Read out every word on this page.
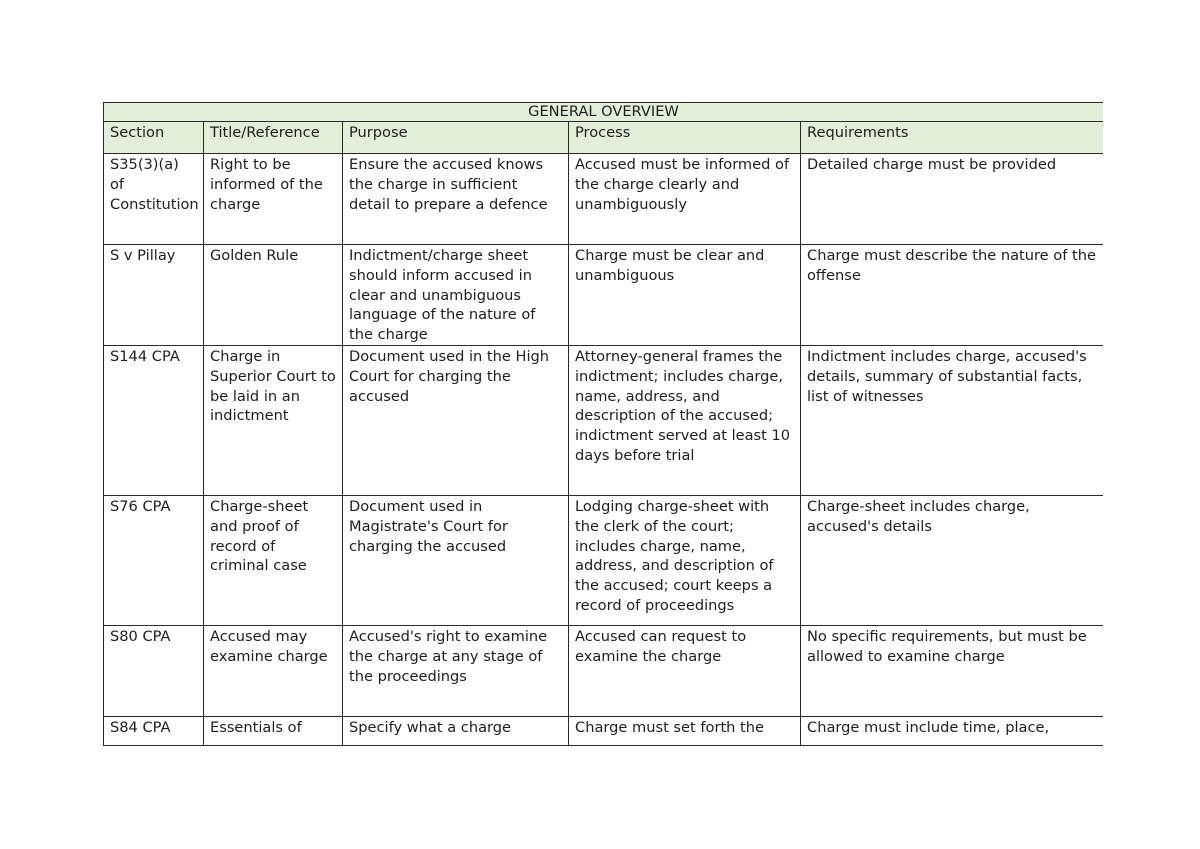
GENERAL OVERVIEW				
Section	Title/Reference	Purpose	Process	Requirements
S35(3)(a) of Constitution	Right to be informed of the charge	Ensure the accused knows the charge in sufficient detail to prepare a defence	Accused must be informed of the charge clearly and unambiguously	Detailed charge must be provided
S v Pillay	Golden Rule	Indictment/charge sheet should inform accused in clear and unambiguous language of the nature of the charge	Charge must be clear and unambiguous	Charge must describe the nature of the offense
S144 CPA	Charge in Superior Court to be laid in an indictment	Document used in the High Court for charging the accused	Attorney-general frames the indictment; includes charge, name, address, and description of the accused; indictment served at least 10 days before trial	Indictment includes charge, accused's details, summary of substantial facts, list of witnesses
S76 CPA	Charge-sheet and proof of record of criminal case	Document used in Magistrate's Court for charging the accused	Lodging charge-sheet with the clerk of the court; includes charge, name, address, and description of the accused; court keeps a record of proceedings	Charge-sheet includes charge, accused's details
S80 CPA	Accused may examine charge	Accused's right to examine the charge at any stage of the proceedings	Accused can request to examine the charge	No specific requirements, but must be allowed to examine charge
S84 CPA	Essentials of	Specify what a charge	Charge must set forth the	Charge must include time, place,
